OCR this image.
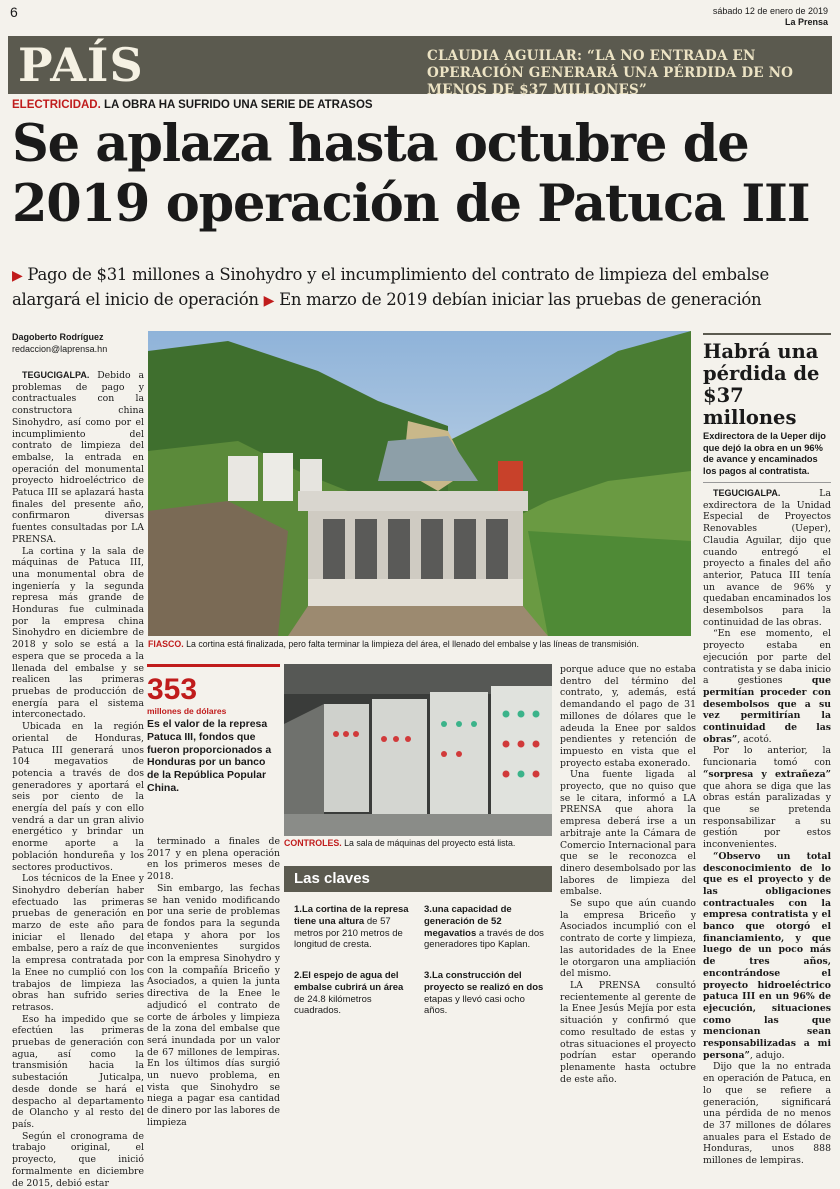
6	sábado 12 de enero de 2019
La Prensa
PAÍS	CLAUDIA AGUILAR: “LA NO ENTRADA EN OPERACIÓN GENERARÁ UNA PÉRDIDA DE NO MENOS DE $37 MILLONES”
ELECTRICIDAD. LA OBRA HA SUFRIDO UNA SERIE DE ATRASOS
Se aplaza hasta octubre de 2019 operación de Patuca III
▶ Pago de $31 millones a Sinohydro y el incumplimiento del contrato de limpieza del embalse alargará el inicio de operación ▶ En marzo de 2019 debían iniciar las pruebas de generación
Dagoberto Rodríguez
redaccion@laprensa.hn

TEGUCIGALPA. Debido a problemas de pago y contractuales con la constructora china Sinohydro, así como por el incumplimiento del contrato de limpieza del embalse, la entrada en operación del monumental proyecto hidroeléctrico de Patuca III se aplazará hasta finales del presente año, confirmaron diversas fuentes consultadas por LA PRENSA.

La cortina y la sala de máquinas de Patuca III, una monumental obra de ingeniería y la segunda represa más grande de Honduras fue culminada por la empresa china Sinohydro en diciembre de 2018 y solo se está a la espera que se proceda a la llenada del embalse y se realicen las primeras pruebas de producción de energía para el sistema interconectado.

Ubicada en la región oriental de Honduras, Patuca III generará unos 104 megavatios de potencia a través de dos generadores y aportará el seis por ciento de la energía del país y con ello vendrá a dar un gran alivio energético y brindar un enorme aporte a la población hondureña y los sectores productivos.

Los técnicos de la Enee y Sinohydro deberían haber efectuado las primeras pruebas de generación en marzo de este año para iniciar el llenado del embalse, pero a raíz de que la empresa contratada por la Enee no cumplió con los trabajos de limpieza las obras han sufrido series retrasos.

Eso ha impedido que se efectúen las primeras pruebas de generación con agua, así como la transmisión hacia la subestación Juticalpa, desde donde se hará el despacho al departamento de Olancho y al resto del país.

Según el cronograma de trabajo original, el proyecto, que inició formalmente en diciembre de 2015, debió estar

FIASCO. La cortina está finalizada, pero falta terminar la limpieza del área, el llenado del embalse y las líneas de transmisión.
353
millones de dólares
Es el valor de la represa Patuca III, fondos que fueron proporcionados a Honduras por un banco de la República Popular China.

terminado a finales de 2017 y en plena operación en los primeros meses de 2018.

Sin embargo, las fechas se han venido modificando por una serie de problemas de fondos para la segunda etapa y ahora por los inconvenientes surgidos con la empresa Sinohydro y con la compañía Briceño y Asociados, a quien la junta directiva de la Enee le adjudicó el contrato de corte de árboles y limpieza de la zona del embalse que será inundada por un valor de 67 millones de lempiras. En los últimos días surgió un nuevo problema, en vista que Sinohydro se niega a pagar esa cantidad de dinero por las labores de limpieza

CONTROLES. La sala de máquinas del proyecto está lista.
Las claves
1.La cortina de la represa tiene una altura de 57 metros por 210 metros de longitud de cresta.
2.El espejo de agua del embalse cubrirá un área de 24.8 kilómetros cuadrados.
3.una capacidad de generación de 52 megavatios a través de dos generadores tipo Kaplan.
3.La construcción del proyecto se realizó en dos etapas y llevó casi ocho años.

porque aduce que no estaba dentro del término del contrato, y, además, está demandando el pago de 31 millones de dólares que le adeuda la Enee por saldos pendientes y retención de impuesto en vista que el proyecto estaba exonerado.

Una fuente ligada al proyecto, que no quiso que se le citara, informó a LA PRENSA que ahora la empresa deberá irse a un arbitraje ante la Cámara de Comercio Internacional para que se le reconozca el dinero desembolsado por las labores de limpieza del embalse.

Se supo que aún cuando la empresa Briceño y Asociados incumplió con el contrato de corte y limpieza, las autoridades de la Enee le otorgaron una ampliación del mismo.

LA PRENSA consultó recientemente al gerente de la Enee Jesús Mejía por esta situación y confirmó que como resultado de estas y otras situaciones el proyecto podrían estar operando plenamente hasta octubre de este año.

Habrá una pérdida de $37 millones
Exdirectora de la Ueper dijo que dejó la obra en un 96% de avance y encaminados los pagos al contratista.

TEGUCIGALPA.	La exdirectora de la Unidad Especial de Proyectos Renovables (Ueper), Claudia Aguilar, dijo que cuando entregó el proyecto a finales del año anterior, Patuca III tenía un avance de 96% y quedaban encaminados los desembolsos para la continuidad de las obras.

“En ese momento, el proyecto estaba en ejecución por parte del contratista y se daba inicio a gestiones	que permitían proceder con desembolsos que a su vez permitirían la continuidad de las obras”, acotó.

Por lo anterior, la funcionaria tomó con “sorpresa y extrañeza” que ahora se diga que las obras están paralizadas y que se pretenda responsabilizar a su gestión por estos inconvenientes.

“Observo un total desconocimiento de lo que es el proyecto y de las obligaciones contractuales con la empresa contratista y el banco que otorgó el financiamiento, y que luego de un poco más de tres años, encontrándose el proyecto hidroeléctrico patuca III en un 96% de ejecución, situaciones como las que mencionan sean responsabilizadas a mi persona”, adujo.

Dijo que la no entrada en operación de Patuca, en lo que se refiere a generación, significará una pérdida de no menos de 37 millones de dólares anuales para el Estado de Honduras, unos 888 millones de lempiras.
